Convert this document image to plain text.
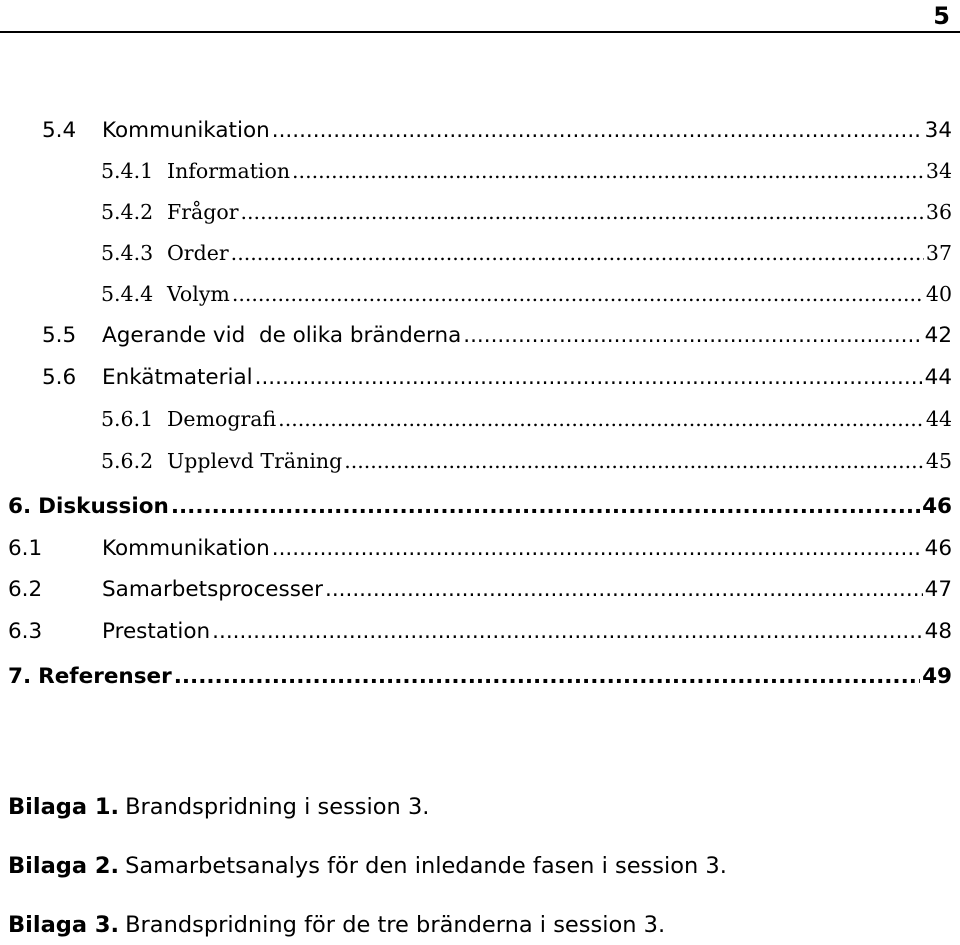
5
5.4	Kommunikation .....	34
5.4.1 Information .....	34
5.4.2 Frågor .....	36
5.4.3 Order .....	37
5.4.4 Volym .....	40
5.5	Agerande vid  de olika bränderna .....	42
5.6	Enkätmaterial .....	44
5.6.1 Demografi .....	44
5.6.2 Upplevd Träning .....	45
6. Diskussion .....	46
6.1	Kommunikation .....	46
6.2	Samarbetsprocesser .....	47
6.3	Prestation .....	48
7. Referenser .....	49
Bilaga 1. Brandspridning i session 3.
Bilaga 2. Samarbetsanalys för den inledande fasen i session 3.
Bilaga 3. Brandspridning för de tre bränderna i session 3.
